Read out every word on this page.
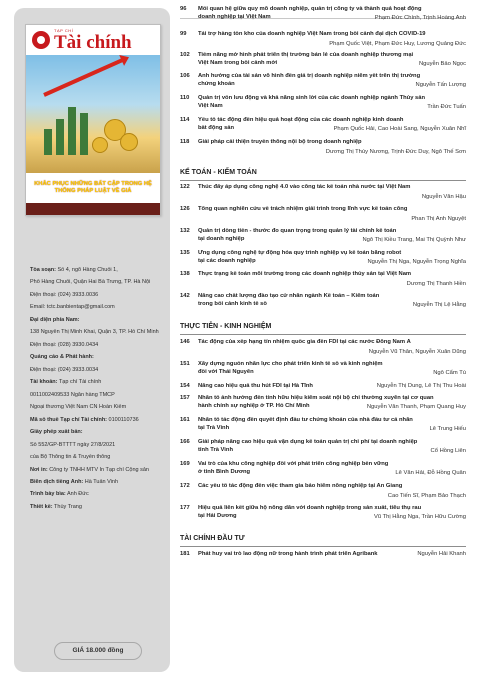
TẠP CHÍ
Tài chính
KHẮC PHỤC NHỮNG BẤT CẬP TRONG HỆ THỐNG PHÁP LUẬT VỀ GIÁ
Tòa soạn: Số 4, ngõ Hàng Chuối 1,
Phố Hàng Chuối, Quận Hai Bà Trưng, TP. Hà Nội
Điện thoại: (024) 3933.0036
Email: tctc.banbientap@gmail.com
Đại diện phía Nam:
138 Nguyễn Thị Minh Khai, Quận 3, TP. Hồ Chí Minh
Điện thoại: (028) 3930.0434
Quảng cáo & Phát hành:
Điện thoại: (024) 3933.0034
Tài khoản: Tạp chí Tài chính
0011002409533 Ngân hàng TMCP
Ngoại thương Việt Nam CN Hoàn Kiếm
Mã số thuế Tạp chí Tài chính: 0100110736
Giấy phép xuất bản:
Số 552/GP-BTTTT ngày 27/8/2021
của Bộ Thông tin & Truyền thông
Nơi in: Công ty TNHH MTV In Tạp chí Cộng sản
Biên dịch tiếng Anh: Hà Tuấn Vinh
Trình bày bìa: Anh Đức
Thiết kế: Thùy Trang
GIÁ 18.000 đồng
96	Mối quan hệ giữa quy mô doanh nghiệp, quản trị công ty và thành quả hoạt động
doanh nghiệp tại Việt Nam	Phạm Đức Chính, Trịnh Hoàng Anh
99	Tái trợ hàng tồn kho của doanh nghiệp Việt Nam trong bối cảnh đại dịch COVID-19
Phạm Quốc Việt, Phạm Đức Huy, Lương Quảng Đức
102	Tiềm năng mở hình phát triển thị trường bán lẻ của doanh nghiệp thương mại
Việt Nam trong bối cảnh mới	Nguyễn Bảo Ngọc
106	Ảnh hưởng của tài sản vô hình đến giá trị doanh nghiệp niêm yết trên thị trường
chứng khoán	Nguyễn Tấn Lượng
110	Quản trị vốn lưu động và khả năng sinh lời của các doanh nghiệp ngành Thủy sản
Việt Nam	Trần Đức Tuấn
114	Yếu tố tác động đến hiệu quả hoạt động của các doanh nghiệp kinh doanh
bất động sản	Phạm Quốc Hải, Cao Hoài Sang, Nguyễn Xuân Nhĩ
118	Giải pháp cải thiện truyền thông nội bộ trong doanh nghiệp
Dương Thị Thúy Nương, Trịnh Đức Duy, Ngô Thế Sơn
KẾ TOÁN - KIỂM TOÁN
122	Thúc đẩy áp dụng công nghệ 4.0 vào công tác kế toán nhà nước tại Việt Nam
Nguyễn Văn Hậu
126	Tổng quan nghiên cứu về trách nhiệm giải trình trong lĩnh vực kế toán công
Phan Thị Anh Nguyệt
132	Quản trị dòng tiền - thước đo quan trọng trong quản lý tài chính kế toán
tại doanh nghiệp	Ngô Thị Kiều Trang, Mai Thị Quỳnh Như
135	Ứng dụng công nghệ tự động hóa quy trình nghiệp vụ kế toán bằng robot
tại các doanh nghiệp	Nguyễn Thị Nga, Nguyễn Trọng Nghĩa
138	Thực trạng kế toán môi trường trong các doanh nghiệp thủy sản tại Việt Nam
Dương Thị Thanh Hiền
142	Nâng cao chất lượng đào tạo cử nhân ngành Kế toán – Kiểm toán
trong bối cảnh kinh tế số	Nguyễn Thị Lệ Hằng
THỰC TIỄN - KINH NGHIỆM
146	Tác động của xếp hạng tín nhiệm quốc gia đến FDI tại các nước Đông Nam Á
Nguyễn Vũ Thân, Nguyễn Xuân Dũng
151	Xây dựng nguồn nhân lực cho phát triển kinh tế số và kinh nghiệm
đối với Thái Nguyên	Ngô Cẩm Tú
154	Nâng cao hiệu quả thu hút FDI tại Hà Tĩnh	Nguyễn Thị Dung, Lê Thị Thu Hoài
157	Nhân tố ảnh hưởng đến tính hữu hiệu kiểm soát nội bộ chi thường xuyên tại cơ quan
hành chính sự nghiệp ở TP. Hồ Chí Minh	Nguyễn Văn Thanh, Phạm Quang Huy
161	Nhân tố tác động đến quyết định đầu tư chứng khoán của nhà đầu tư cá nhân
tại Trà Vinh	Lê Trung Hiếu
166	Giải pháp nâng cao hiệu quả vận dụng kế toán quản trị chi phí tại doanh nghiệp
tỉnh Trà Vinh	Cổ Hồng Liên
169	Vai trò của khu công nghiệp đối với phát triển công nghiệp bền vững
ở tỉnh Bình Dương	Lê Văn Hải, Đỗ Hồng Quân
172	Các yếu tố tác động đến việc tham gia bảo hiểm nông nghiệp tại An Giang
Cao Tiến Sĩ, Phạm Bảo Thạch
177	Hiệu quả liên kết giữa hộ nông dân với doanh nghiệp trong sản xuất, tiêu thụ rau
tại Hải Dương	Vũ Thị Hằng Nga, Trần Hữu Cường
TÀI CHÍNH ĐẦU TƯ
181	Phát huy vai trò lao động nữ trong hành trình phát triển Agribank	Nguyễn Hải Khanh
